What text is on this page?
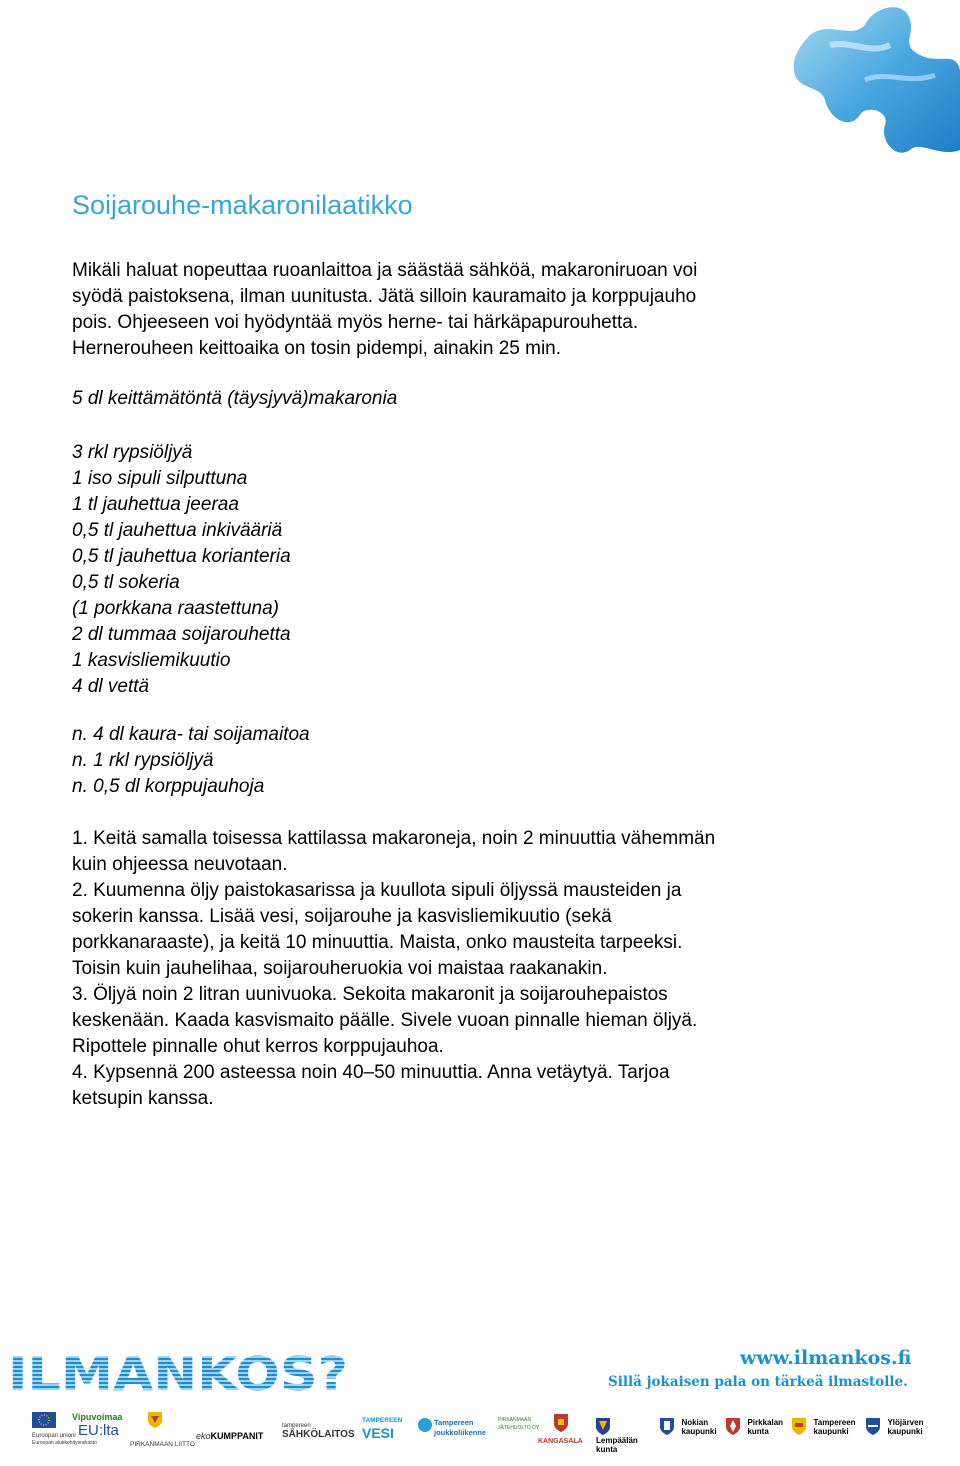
Soijarouhe-makaronilaatikko
Mikäli haluat nopeuttaa ruoanlaittoa ja säästää sähköä, makaroniruoan voi
syödä paistoksena, ilman uunitusta. Jätä silloin kauramaito ja korppujauho
pois. Ohjeeseen voi hyödyntää myös herne- tai härkäpapurouhetta.
Hernerouheen keittoaika on tosin pidempi, ainakin 25 min.
5 dl keittämätöntä (täysjyvä)makaronia
3 rkl rypsiöljyä
1 iso sipuli silputtuna
1 tl jauhettua jeeraa
0,5 tl jauhettua inkivääriä
0,5 tl jauhettua korianteria
0,5 tl sokeria
(1 porkkana raastettuna)
2 dl tummaa soijarouhetta
1 kasvisliemikuutio
4 dl vettä
n. 4 dl kaura- tai soijamaitoa
n. 1 rkl rypsiöljyä
n. 0,5 dl korppujauhoja
1. Keitä samalla toisessa kattilassa makaroneja, noin 2 minuuttia vähemmän
kuin ohjeessa neuvotaan.
2. Kuumenna öljy paistokasarissa ja kuullota sipuli öljyssä mausteiden ja
sokerin kanssa. Lisää vesi, soijarouhe ja kasvisliemikuutio (sekä
porkkanaraaste), ja keitä 10 minuuttia. Maista, onko mausteita tarpeeksi.
Toisin kuin jauhelihaa, soijarouheruokia voi maistaa raakanakin.
3. Öljyä noin 2 litran uunivuoka. Sekoita makaronit ja soijarouhepaistos
keskenään. Kaada kasvismaito päälle. Sivele vuoan pinnalle hieman öljyä.
Ripottele pinnalle ohut kerros korppujauhoa.
4. Kypsennä 200 asteessa noin 40–50 minuuttia. Anna vetäytyä. Tarjoa
ketsupin kanssa.
ILMANKOS?	www.ilmankos.fi
Sillä jokaisen pala on tärkeä ilmastolle.
Euroopan unioni
Euroopan aluekehitysrahasto
Vipuvoimaa
EU:lta
PIRKANMAAN LIITTO
ekoKUMPPANIT
tampereen
SÄHKÖLAITOS
TAMPEREEN
VESI
Tampereen
joukkoliikenne
PIRKANMAAN
JÄTEHUOLTO OY
KANGASALA
	Lempäälän
kunta

Nokian
kaupunki

Pirkkalan
kunta

Tampereen
kaupunki

Ylöjärven
kaupunki
